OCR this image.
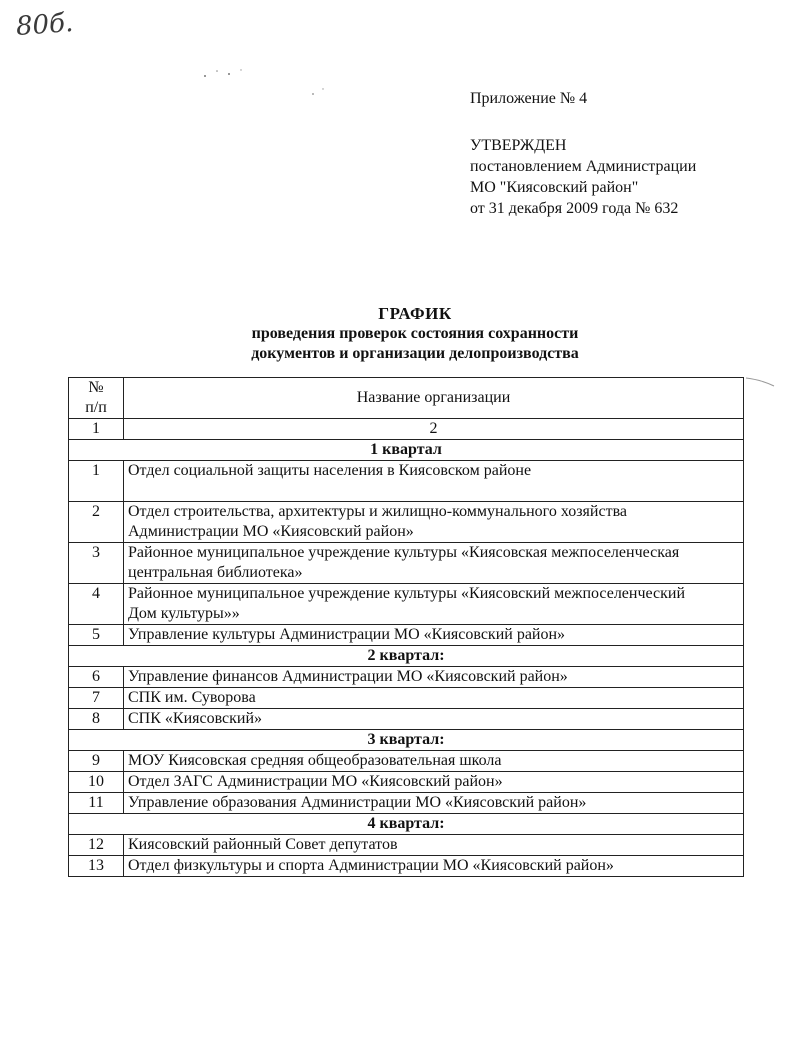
80б.
Приложение № 4
УТВЕРЖДЕН
постановлением Администрации
МО "Киясовский район"
от 31 декабря 2009 года № 632
ГРАФИК
проведения проверок состояния сохранности
документов и организации делопроизводства
№
п/п	Название организации
1	2
1 квартал	
1	Отдел социальной защиты населения в Киясовском районе
2	Отдел строительства, архитектуры и жилищно-коммунального хозяйства
Администрации МО «Киясовский район»

3	Районное муниципальное учреждение культуры «Киясовская межпоселенческая
центральная библиотека»

4	Районное муниципальное учреждение культуры «Киясовский межпоселенческий
Дом культуры»»

5	Управление культуры Администрации МО «Киясовский район»
2 квартал:	
6	Управление финансов Администрации МО «Киясовский район»
7	СПК им. Суворова
8	СПК «Киясовский»
3 квартал:	
9	МОУ Киясовская средняя общеобразовательная школа
10	Отдел ЗАГС Администрации МО «Киясовский район»
11	Управление образования Администрации МО «Киясовский район»
4 квартал:	
12	Киясовский районный Совет депутатов
13	Отдел физкультуры и спорта Администрации МО «Киясовский район»
